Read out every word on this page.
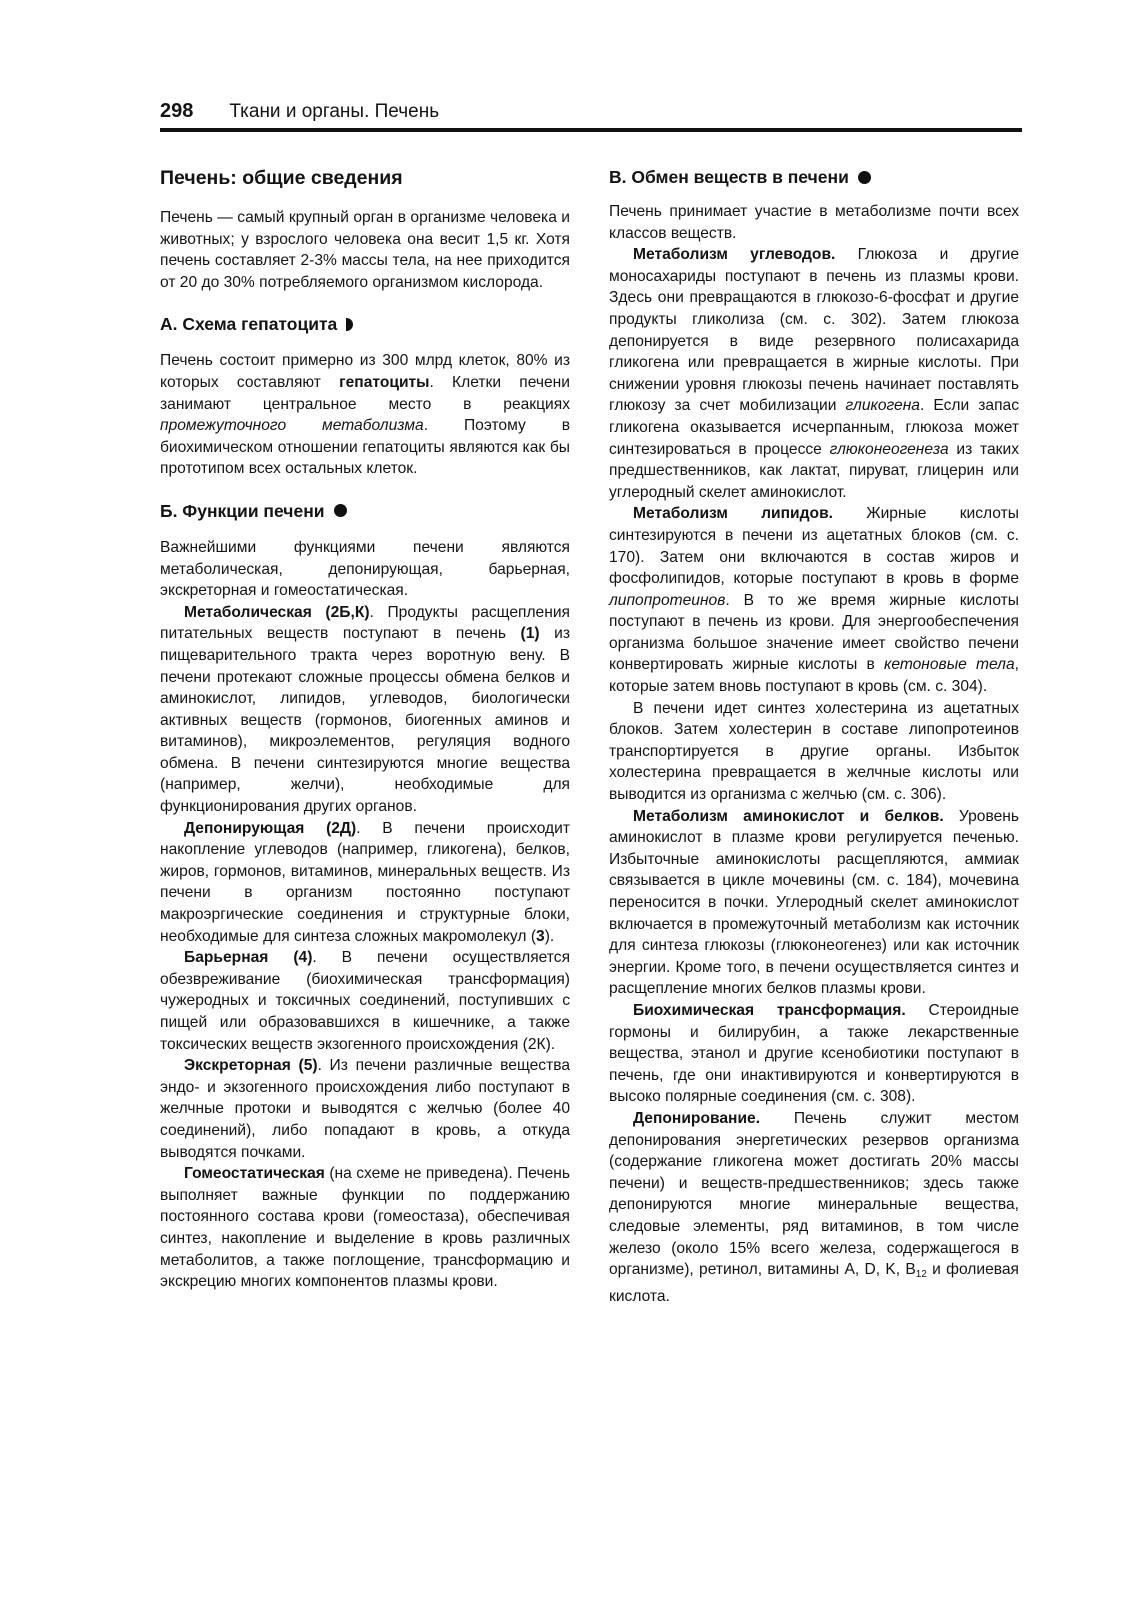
298 Ткани и органы. Печень
Печень: общие сведения

Печень — самый крупный орган в организме человека и животных; у взрослого человека она весит 1,5 кг. Хотя печень составляет 2-3% массы тела, на нее приходится от 20 до 30% потребляемого организмом кислорода.

А. Схема гепатоцита

Печень состоит примерно из 300 млрд клеток, 80% из которых составляют гепатоциты. Клетки печени занимают центральное место в реакциях промежуточного метаболизма. Поэтому в биохимическом отношении гепатоциты являются как бы прототипом всех остальных клеток.

Б. Функции печени

Важнейшими функциями печени являются метаболическая, депонирующая, барьерная, экскреторная и гомеостатическая.

Метаболическая (2Б,К). Продукты расщепления питательных веществ поступают в печень (1) из пищеварительного тракта через воротную вену. В печени протекают сложные процессы обмена белков и аминокислот, липидов, углеводов, биологически активных веществ (гормонов, биогенных аминов и витаминов), микроэлементов, регуляция водного обмена. В печени синтезируются многие вещества (например, желчи), необходимые для функционирования других органов.

Депонирующая (2Д). В печени происходит накопление углеводов (например, гликогена), белков, жиров, гормонов, витаминов, минеральных веществ. Из печени в организм постоянно поступают макроэргические соединения и структурные блоки, необходимые для синтеза сложных макромолекул (3).

Барьерная (4). В печени осуществляется обезвреживание (биохимическая трансформация) чужеродных и токсичных соединений, поступивших с пищей или образовавшихся в кишечнике, а также токсических веществ экзогенного происхождения (2К).

Экскреторная (5). Из печени различные вещества эндо- и экзогенного происхождения либо поступают в желчные протоки и выводятся с желчью (более 40 соединений), либо попадают в кровь, а откуда выводятся почками.

Гомеостатическая (на схеме не приведена). Печень выполняет важные функции по поддержанию постоянного состава крови (гомеостаза), обеспечивая синтез, накопление и выделение в кровь различных метаболитов, а также поглощение, трансформацию и экскрецию многих компонентов плазмы крови.

В. Обмен веществ в печени

Печень принимает участие в метаболизме почти всех классов веществ.

Метаболизм углеводов. Глюкоза и другие моносахариды поступают в печень из плазмы крови. Здесь они превращаются в глюкозо-6-фосфат и другие продукты гликолиза (см. с. 302). Затем глюкоза депонируется в виде резервного полисахарида гликогена или превращается в жирные кислоты. При снижении уровня глюкозы печень начинает поставлять глюкозу за счет мобилизации гликогена. Если запас гликогена оказывается исчерпанным, глюкоза может синтезироваться в процессе глюконеогенеза из таких предшественников, как лактат, пируват, глицерин или углеродный скелет аминокислот.

Метаболизм липидов. Жирные кислоты синтезируются в печени из ацетатных блоков (см. с. 170). Затем они включаются в состав жиров и фосфолипидов, которые поступают в кровь в форме липопротеинов. В то же время жирные кислоты поступают в печень из крови. Для энергообеспечения организма большое значение имеет свойство печени конвертировать жирные кислоты в кетоновые тела, которые затем вновь поступают в кровь (см. с. 304).

В печени идет синтез холестерина из ацетатных блоков. Затем холестерин в составе липопротеинов транспортируется в другие органы. Избыток холестерина превращается в желчные кислоты или выводится из организма с желчью (см. с. 306).

Метаболизм аминокислот и белков. Уровень аминокислот в плазме крови регулируется печенью. Избыточные аминокислоты расщепляются, аммиак связывается в цикле мочевины (см. с. 184), мочевина переносится в почки. Углеродный скелет аминокислот включается в промежуточный метаболизм как источник для синтеза глюкозы (глюконеогенез) или как источник энергии. Кроме того, в печени осуществляется синтез и расщепление многих белков плазмы крови.

Биохимическая трансформация. Стероидные гормоны и билирубин, а также лекарственные вещества, этанол и другие ксенобиотики поступают в печень, где они инактивируются и конвертируются в высоко полярные соединения (см. с. 308).

Депонирование. Печень служит местом депонирования энергетических резервов организма (содержание гликогена может достигать 20% массы печени) и веществ-предшественников; здесь также депонируются многие минеральные вещества, следовые элементы, ряд витаминов, в том числе железо (около 15% всего железа, содержащегося в организме), ретинол, витамины A, D, K, $B_{12}$ и фолиевая кислота.
